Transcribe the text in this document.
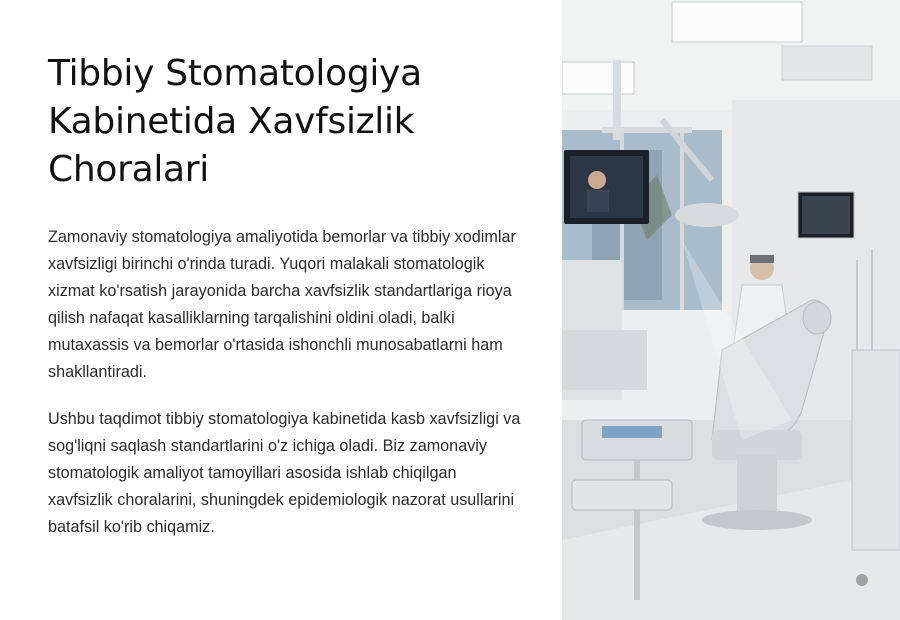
Tibbiy Stomatologiya Kabinetida Xavfsizlik Choralari

Zamonaviy stomatologiya amaliyotida bemorlar va tibbiy xodimlar xavfsizligi birinchi o'rinda turadi. Yuqori malakali stomatologik xizmat ko'rsatish jarayonida barcha xavfsizlik standartlariga rioya qilish nafaqat kasalliklarning tarqalishini oldini oladi, balki mutaxassis va bemorlar o'rtasida ishonchli munosabatlarni ham shakllantiradi.

Ushbu taqdimot tibbiy stomatologiya kabinetida kasb xavfsizligi va sog'liqni saqlash standartlarini o'z ichiga oladi. Biz zamonaviy stomatologik amaliyot tamoyillari asosida ishlab chiqilgan xavfsizlik choralarini, shuningdek epidemiologik nazorat usullarini batafsil ko'rib chiqamiz.
